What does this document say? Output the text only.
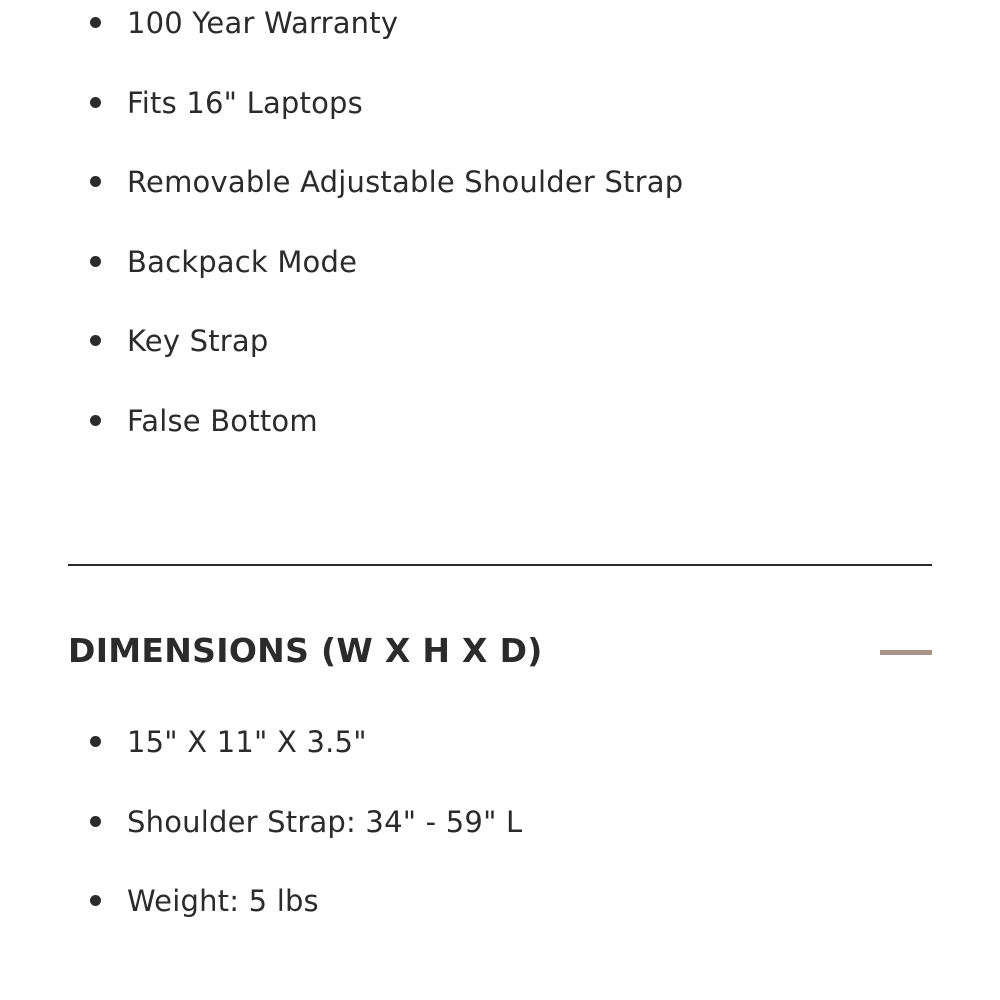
100 Year Warranty
Fits 16" Laptops
Removable Adjustable Shoulder Strap
Backpack Mode
Key Strap
False Bottom
DIMENSIONS (W X H X D)
15" X 11" X 3.5"
Shoulder Strap: 34" - 59" L
Weight: 5 lbs
